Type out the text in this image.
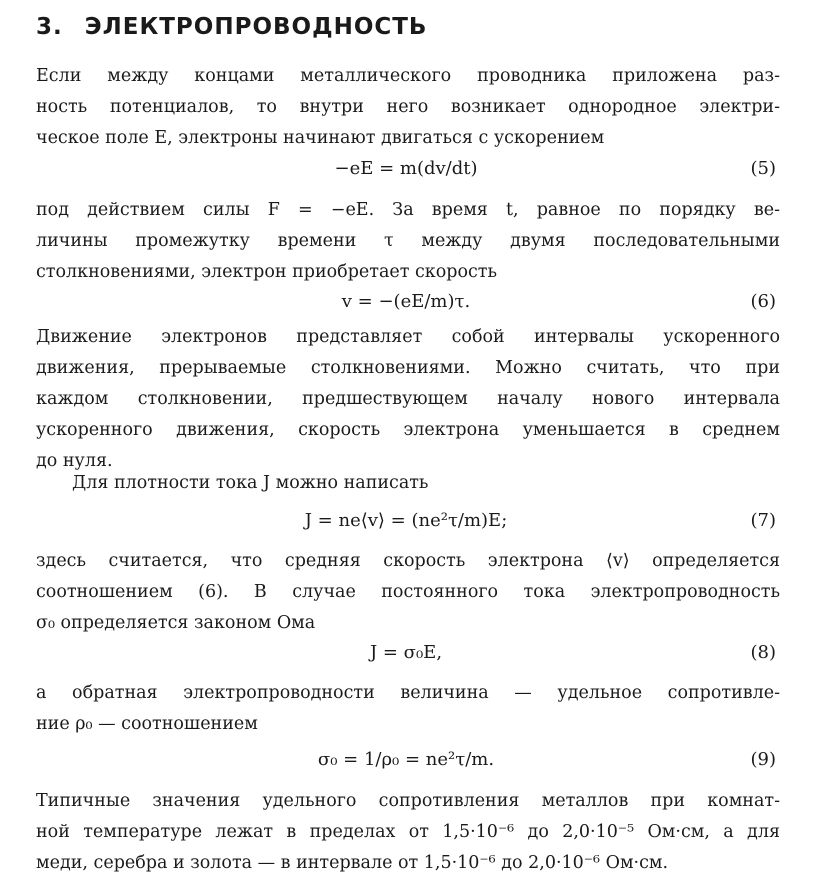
3. ЭЛЕКТРОПРОВОДНОСТЬ
Если между концами металлического проводника приложена раз-
ность потенциалов, то внутри него возникает однородное электри-
ческое поле E, электроны начинают двигаться с ускорением
−eE = m(dv/dt)	(5)
под действием силы F = −eE. За время t, равное по порядку ве-
личины промежутку времени τ между двумя последовательными
столкновениями, электрон приобретает скорость
v = −(eE/m)τ.	(6)
Движение электронов представляет собой интервалы ускоренного
движения, прерываемые столкновениями. Можно считать, что при
каждом столкновении, предшествующем началу нового интервала
ускоренного движения, скорость электрона уменьшается в среднем
до нуля.
Для плотности тока J можно написать
J = ne⟨v⟩ = (ne²τ/m)E;	(7)
здесь считается, что средняя скорость электрона ⟨v⟩ определяется
соотношением (6). В случае постоянного тока электропроводность
σ₀ определяется законом Ома
J = σ₀E,	(8)
а обратная электропроводности величина — удельное сопротивле-
ние ρ₀ — соотношением
σ₀ = 1/ρ₀ = ne²τ/m.	(9)
Типичные значения удельного сопротивления металлов при комнат-
ной температуре лежат в пределах от 1,5·10⁻⁶ до 2,0·10⁻⁵ Ом·см, а для
меди, серебра и золота — в интервале от 1,5·10⁻⁶ до 2,0·10⁻⁶ Ом·см.
